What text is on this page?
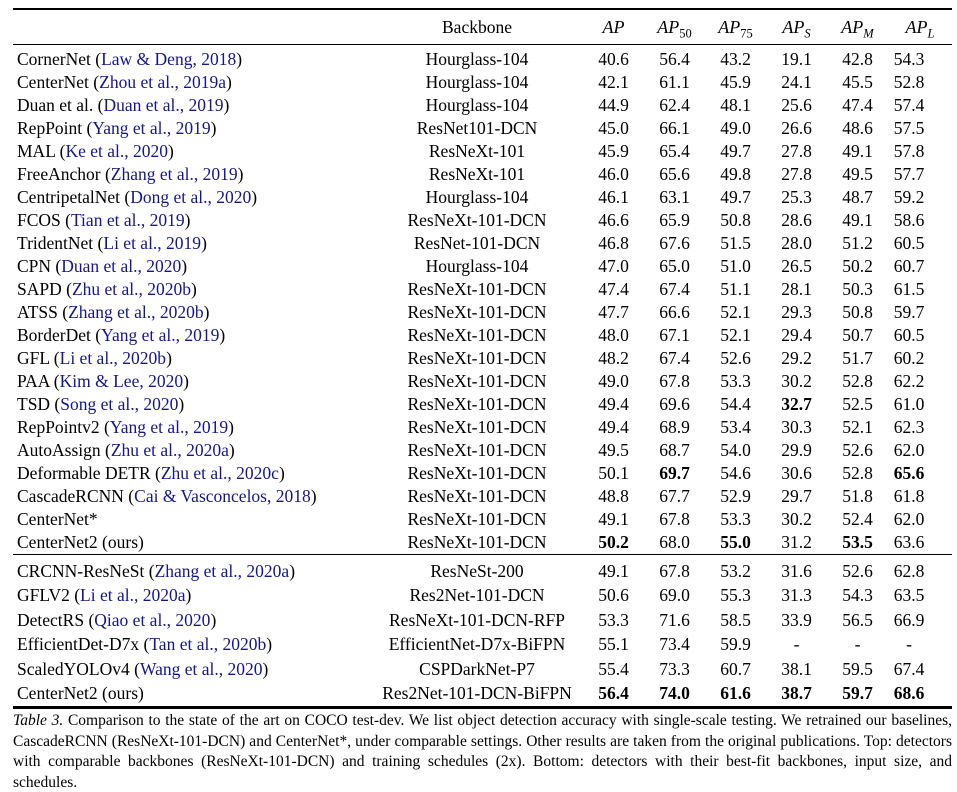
	Backbone	AP	$AP_{50}$	$AP_{75}$	$AP_S$	$AP_M$	$AP_L$
CornerNet (Law & Deng, 2018)	Hourglass-104	40.6	56.4	43.2	19.1	42.8	54.3
CenterNet (Zhou et al., 2019a)	Hourglass-104	42.1	61.1	45.9	24.1	45.5	52.8
Duan et al. (Duan et al., 2019)	Hourglass-104	44.9	62.4	48.1	25.6	47.4	57.4
RepPoint (Yang et al., 2019)	ResNet101-DCN	45.0	66.1	49.0	26.6	48.6	57.5
MAL (Ke et al., 2020)	ResNeXt-101	45.9	65.4	49.7	27.8	49.1	57.8
FreeAnchor (Zhang et al., 2019)	ResNeXt-101	46.0	65.6	49.8	27.8	49.5	57.7
CentripetalNet (Dong et al., 2020)	Hourglass-104	46.1	63.1	49.7	25.3	48.7	59.2
FCOS (Tian et al., 2019)	ResNeXt-101-DCN	46.6	65.9	50.8	28.6	49.1	58.6
TridentNet (Li et al., 2019)	ResNet-101-DCN	46.8	67.6	51.5	28.0	51.2	60.5
CPN (Duan et al., 2020)	Hourglass-104	47.0	65.0	51.0	26.5	50.2	60.7
SAPD (Zhu et al., 2020b)	ResNeXt-101-DCN	47.4	67.4	51.1	28.1	50.3	61.5
ATSS (Zhang et al., 2020b)	ResNeXt-101-DCN	47.7	66.6	52.1	29.3	50.8	59.7
BorderDet (Yang et al., 2019)	ResNeXt-101-DCN	48.0	67.1	52.1	29.4	50.7	60.5
GFL (Li et al., 2020b)	ResNeXt-101-DCN	48.2	67.4	52.6	29.2	51.7	60.2
PAA (Kim & Lee, 2020)	ResNeXt-101-DCN	49.0	67.8	53.3	30.2	52.8	62.2
TSD (Song et al., 2020)	ResNeXt-101-DCN	49.4	69.6	54.4	32.7	52.5	61.0
RepPointv2 (Yang et al., 2019)	ResNeXt-101-DCN	49.4	68.9	53.4	30.3	52.1	62.3
AutoAssign (Zhu et al., 2020a)	ResNeXt-101-DCN	49.5	68.7	54.0	29.9	52.6	62.0
Deformable DETR (Zhu et al., 2020c)	ResNeXt-101-DCN	50.1	69.7	54.6	30.6	52.8	65.6
CascadeRCNN (Cai & Vasconcelos, 2018)	ResNeXt-101-DCN	48.8	67.7	52.9	29.7	51.8	61.8
CenterNet*	ResNeXt-101-DCN	49.1	67.8	53.3	30.2	52.4	62.0
CenterNet2 (ours)	ResNeXt-101-DCN	50.2	68.0	55.0	31.2	53.5	63.6
CRCNN-ResNeSt (Zhang et al., 2020a)	ResNeSt-200	49.1	67.8	53.2	31.6	52.6	62.8
GFLV2 (Li et al., 2020a)	Res2Net-101-DCN	50.6	69.0	55.3	31.3	54.3	63.5
DetectRS (Qiao et al., 2020)	ResNeXt-101-DCN-RFP	53.3	71.6	58.5	33.9	56.5	66.9
EfficientDet-D7x (Tan et al., 2020b)	EfficientNet-D7x-BiFPN	55.1	73.4	59.9	-	-	-
ScaledYOLOv4 (Wang et al., 2020)	CSPDarkNet-P7	55.4	73.3	60.7	38.1	59.5	67.4
CenterNet2 (ours)	Res2Net-101-DCN-BiFPN	56.4	74.0	61.6	38.7	59.7	68.6

Table 3. Comparison to the state of the art on COCO test-dev. We list object detection accuracy with single-scale testing. We retrained our baselines, CascadeRCNN (ResNeXt-101-DCN) and CenterNet*, under comparable settings. Other results are taken from the original publications. Top: detectors with comparable backbones (ResNeXt-101-DCN) and training schedules (2x). Bottom: detectors with their best-fit backbones, input size, and schedules.
